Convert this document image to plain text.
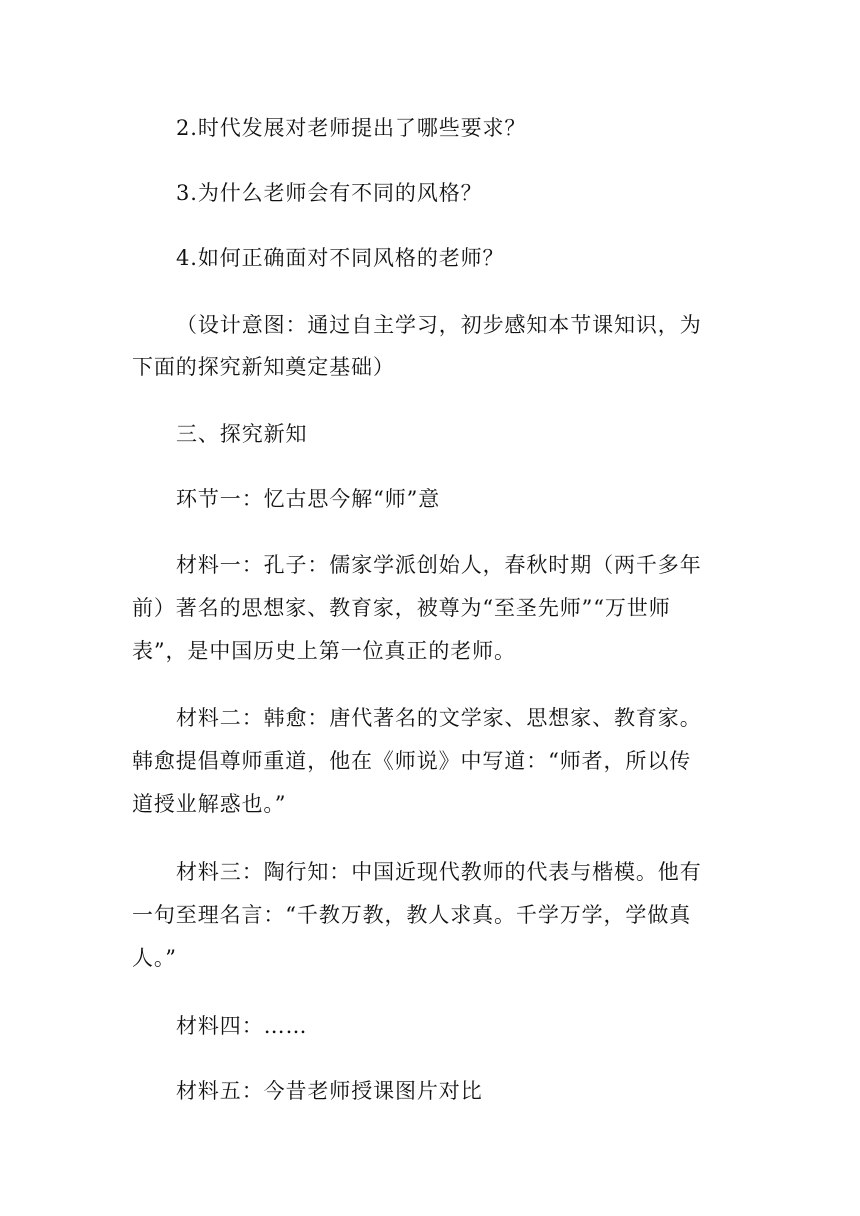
2.时代发展对老师提出了哪些要求？
3.为什么老师会有不同的风格？
4.如何正确面对不同风格的老师？
（设计意图：通过自主学习，初步感知本节课知识，为
下面的探究新知奠定基础）
三、探究新知
环节一：忆古思今解“师”意
材料一：孔子：儒家学派创始人，春秋时期（两千多年
前）著名的思想家、教育家，被尊为“至圣先师”“万世师
表”，是中国历史上第一位真正的老师。
材料二：韩愈：唐代著名的文学家、思想家、教育家。
韩愈提倡尊师重道，他在《师说》中写道：“师者，所以传
道授业解惑也。”
材料三：陶行知：中国近现代教师的代表与楷模。他有
一句至理名言：“千教万教，教人求真。千学万学，学做真
人。”
材料四：……
材料五：今昔老师授课图片对比
